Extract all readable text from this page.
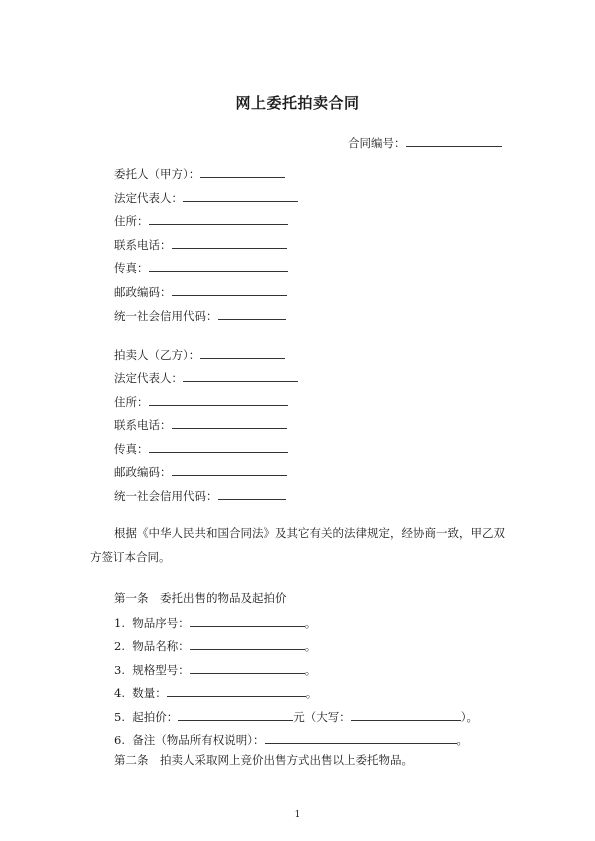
网上委托拍卖合同
合同编号：
委托人（甲方）：
法定代表人：
住所：
联系电话：
传真：
邮政编码：
统一社会信用代码：
拍卖人（乙方）：
法定代表人：
住所：
联系电话：
传真：
邮政编码：
统一社会信用代码：
根据《中华人民共和国合同法》及其它有关的法律规定，经协商一致，甲乙双方签订本合同。
第一条　委托出售的物品及起拍价
1. 物品序号：	。
2. 物品名称：	。
3. 规格型号：	。
4. 数量：	。
5. 起拍价：	元（大写：	）。
6. 备注（物品所有权说明）：	。
第二条　拍卖人采取网上竞价出售方式出售以上委托物品。
1
